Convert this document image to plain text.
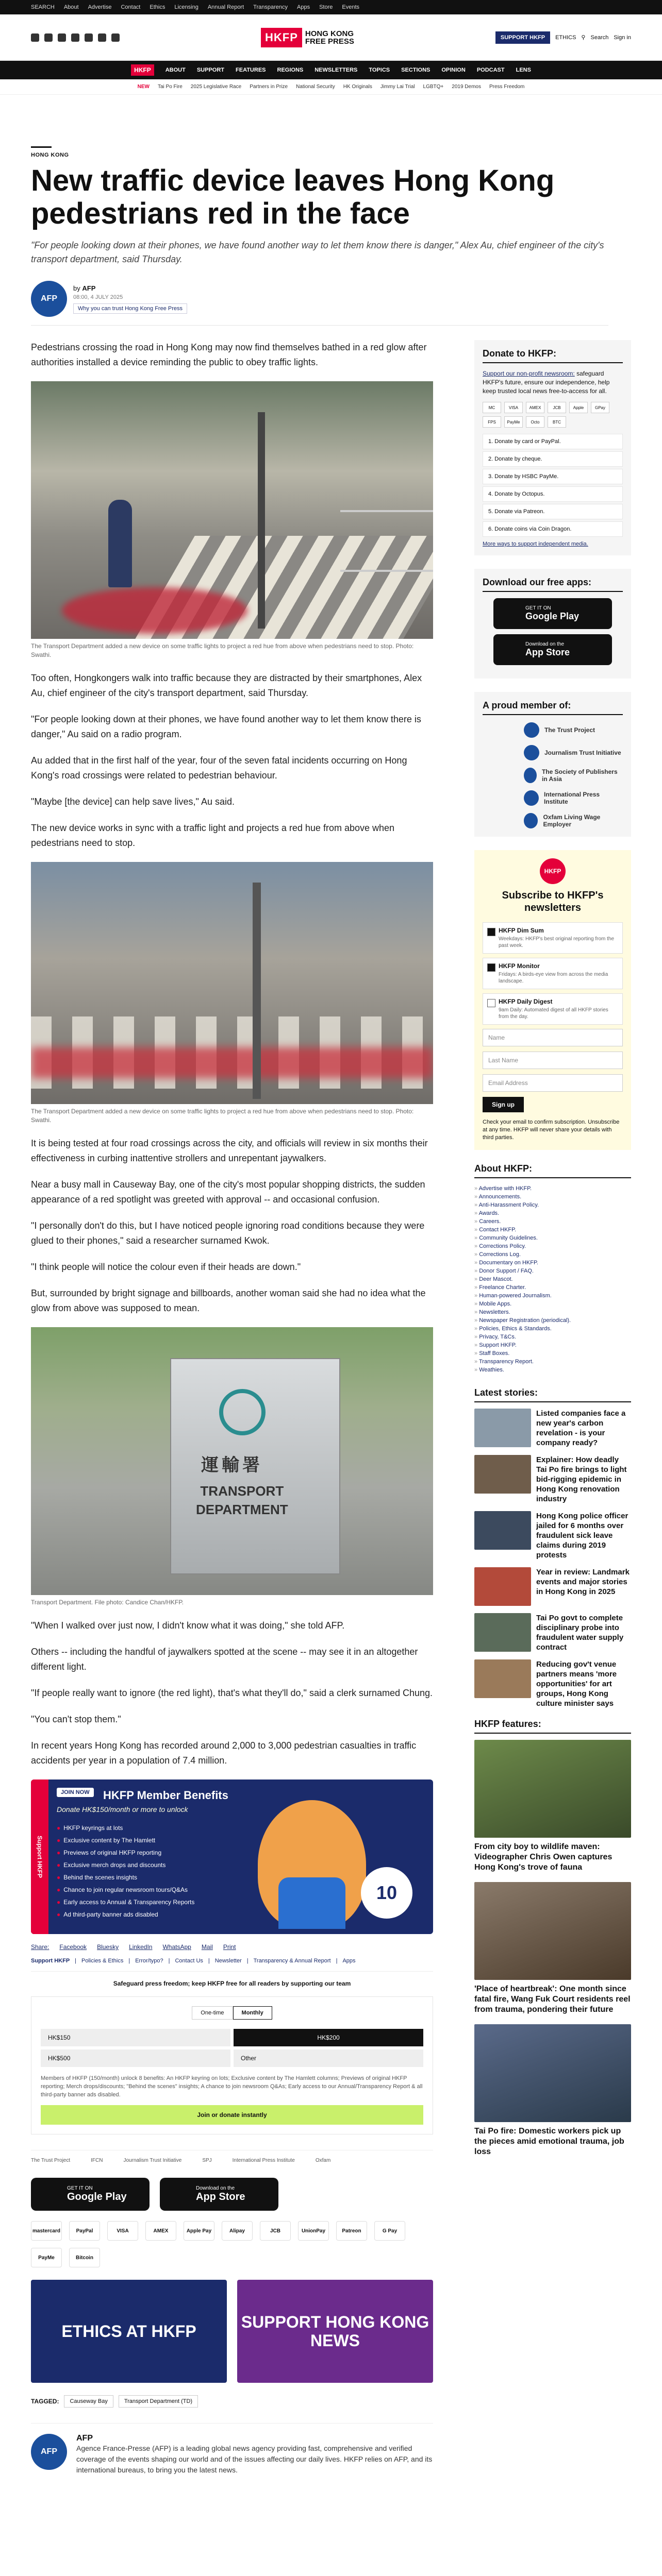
SEARCH About Advertise Contact Ethics Licensing Annual Report Transparency Apps Store Events
HKFP HONG KONG
FREE PRESS	SUPPORT HKFP	ETHICS ⚲ Search Sign in
HKFP	ABOUT SUPPORT FEATURES REGIONS NEWSLETTERS TOPICS SECTIONS OPINION PODCAST LENS
NEW Tai Po Fire 2025 Legislative Race Partners in Prize National Security HK Originals Jimmy Lai Trial LGBTQ+ 2019 Demos Press Freedom
HONG KONG
New traffic device leaves Hong Kong pedestrians red in the face
"For people looking down at their phones, we have found another way to let them know there is danger," Alex Au, chief engineer of the city's transport department, said Thursday.
AFP
by AFP
08:00, 4 JULY 2025
Why you can trust Hong Kong Free Press

Pedestrians crossing the road in Hong Kong may now find themselves bathed in a red glow after authorities installed a device reminding the public to obey traffic lights.

The Transport Department added a new device on some traffic lights to project a red hue from above when pedestrians need to stop. Photo: Swathi.

Too often, Hongkongers walk into traffic because they are distracted by their smartphones, Alex Au, chief engineer of the city's transport department, said Thursday.

"For people looking down at their phones, we have found another way to let them know there is danger," Au said on a radio program.

Au added that in the first half of the year, four of the seven fatal incidents occurring on Hong Kong's road crossings were related to pedestrian behaviour.

"Maybe [the device] can help save lives," Au said.

The new device works in sync with a traffic light and projects a red hue from above when pedestrians need to stop.

The Transport Department added a new device on some traffic lights to project a red hue from above when pedestrians need to stop. Photo: Swathi.

It is being tested at four road crossings across the city, and officials will review in six months their effectiveness in curbing inattentive strollers and unrepentant jaywalkers.

Near a busy mall in Causeway Bay, one of the city's most popular shopping districts, the sudden appearance of a red spotlight was greeted with approval -- and occasional confusion.

"I personally don't do this, but I have noticed people ignoring road conditions because they were glued to their phones," said a researcher surnamed Kwok.

"I think people will notice the colour even if their heads are down."

But, surrounded by bright signage and billboards, another woman said she had no idea what the glow from above was supposed to mean.

運輸署
TRANSPORT
DEPARTMENT
Transport Department. File photo: Candice Chan/HKFP.

"When I walked over just now, I didn't know what it was doing," she told AFP.

Others -- including the handful of jaywalkers spotted at the scene -- may see it in an altogether different light.

"If people really want to ignore (the red light), that's what they'll do," said a clerk surnamed Chung.

"You can't stop them."

In recent years Hong Kong has recorded around 2,000 to 3,000 pedestrian casualties in traffic accidents per year in a population of 7.4 million.

Support HKFP
JOIN NOW	HKFP Member Benefits
Donate HK$150/month or more to unlock
● HKFP keyrings at lots
● Exclusive content by The Hamlett
● Previews of original HKFP reporting
● Exclusive merch drops and discounts
● Behind the scenes insights
● Chance to join regular newsroom tours/Q&As
● Early access to Annual & Transparency Reports
● Ad third-party banner ads disabled
10
Share: Facebook Bluesky LinkedIn WhatsApp Mail Print
Support HKFP | Policies & Ethics | Error/typo? | Contact Us | Newsletter | Transparency & Annual Report | Apps
Safeguard press freedom; keep HKFP free for all readers by supporting our team
One-time	Monthly
HK$150	HK$200
HK$500	Other
Members of HKFP (150/month) unlock 8 benefits: An HKFP keyring on lots; Exclusive content by The Hamlett columns; Previews of original HKFP reporting; Merch drops/discounts; "Behind the scenes" insights; A chance to join newsroom Q&As; Early access to our Annual/Transparency Report & all third-party banner ads disabled.
Join or donate instantly
The Trust Project	IFCN	Journalism Trust Initiative	SPJ	International Press Institute	Oxfam
GET IT ON
Google Play
Download on the
App Store
mastercard	PayPal	VISA	AMEX	Apple Pay	Alipay	JCB	UnionPay	Patreon	G Pay
PayMe	Bitcoin
ETHICS AT HKFP	SUPPORT HONG KONG NEWS
TAGGED:	Causeway Bay	Transport Department (TD)
AFP
AFP

Agence France-Presse (AFP) is a leading global news agency providing fast, comprehensive and verified coverage of the events shaping our world and of the issues affecting our daily lives. HKFP relies on AFP, and its international bureaus, to bring you the latest news.

Donate to HKFP:

Support our non-profit newsroom: safeguard HKFP's future, ensure our independence, help keep trusted local news free-to-access for all.

MC	VISA	AMEX	JCB	Apple	GPay
FPS	PayMe	Octo	BTC
1. Donate by card or PayPal.
2. Donate by cheque.
3. Donate by HSBC PayMe.
4. Donate by Octopus.
5. Donate via Patreon.
6. Donate coins via Coin Dragon.
More ways to support independent media.
Download our free apps:
GET IT ON
Google Play
Download on the
App Store
A proud member of:
The Trust Project
Journalism Trust Initiative
The Society of Publishers in Asia
International Press Institute
Oxfam Living Wage Employer
HKFP
Subscribe to HKFP's newsletters
HKFP Dim Sum
Weekdays: HKFP's best original reporting from the past week.
HKFP Monitor
Fridays: A birds-eye view from across the media landscape.
HKFP Daily Digest
9am Daily: Automated digest of all HKFP stories from the day.
Name
Last Name
Email Address
Sign up
Check your email to confirm subscription. Unsubscribe at any time. HKFP will never share your details with third parties.
About HKFP:
» Advertise with HKFP.
» Announcements.
» Anti-Harassment Policy.
» Awards.
» Careers.
» Contact HKFP.
» Community Guidelines.
» Corrections Policy.
» Corrections Log.
» Documentary on HKFP.
» Donor Support / FAQ.
» Deer Mascot.
» Freelance Charter.
» Human-powered Journalism.
» Mobile Apps.
» Newsletters.
» Newspaper Registration (periodical).
» Policies, Ethics & Standards.
» Privacy, T&Cs.
» Support HKFP.
» Staff Boxes.
» Transparency Report.
» Weathies.
Latest stories:
Listed companies face a new year's carbon revelation - is your company ready?
Explainer: How deadly Tai Po fire brings to light bid-rigging epidemic in Hong Kong renovation industry
Hong Kong police officer jailed for 6 months over fraudulent sick leave claims during 2019 protests
Year in review: Landmark events and major stories in Hong Kong in 2025
Tai Po govt to complete disciplinary probe into fraudulent water supply contract
Reducing gov't venue partners means 'more opportunities' for art groups, Hong Kong culture minister says
HKFP features:
From city boy to wildlife maven: Videographer Chris Owen captures Hong Kong's trove of fauna
'Place of heartbreak': One month since fatal fire, Wang Fuk Court residents reel from trauma, pondering their future
Tai Po fire: Domestic workers pick up the pieces amid emotional trauma, job loss
